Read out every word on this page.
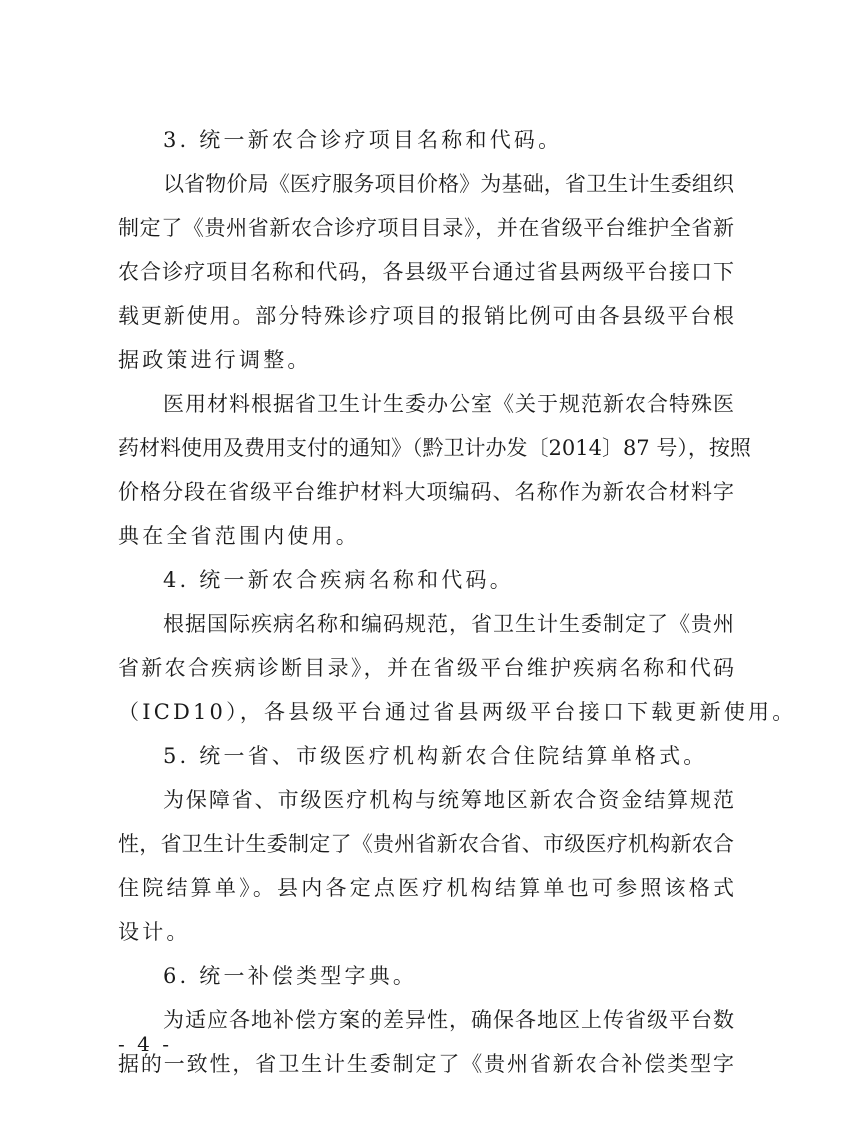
3. 统一新农合诊疗项目名称和代码。
以省物价局《医疗服务项目价格》为基础，省卫生计生委组织
制定了《贵州省新农合诊疗项目目录》，并在省级平台维护全省新
农合诊疗项目名称和代码，各县级平台通过省县两级平台接口下
载更新使用。部分特殊诊疗项目的报销比例可由各县级平台根
据政策进行调整。
医用材料根据省卫生计生委办公室《关于规范新农合特殊医
药材料使用及费用支付的通知》（黔卫计办发〔2014〕87 号），按照
价格分段在省级平台维护材料大项编码、名称作为新农合材料字
典在全省范围内使用。
4. 统一新农合疾病名称和代码。
根据国际疾病名称和编码规范，省卫生计生委制定了《贵州
省新农合疾病诊断目录》，并在省级平台维护疾病名称和代码
（ICD10），各县级平台通过省县两级平台接口下载更新使用。
5. 统一省、市级医疗机构新农合住院结算单格式。
为保障省、市级医疗机构与统筹地区新农合资金结算规范
性，省卫生计生委制定了《贵州省新农合省、市级医疗机构新农合
住院结算单》。县内各定点医疗机构结算单也可参照该格式
设计。
6. 统一补偿类型字典。
为适应各地补偿方案的差异性，确保各地区上传省级平台数
据的一致性，省卫生计生委制定了《贵州省新农合补偿类型字
- 4 -
